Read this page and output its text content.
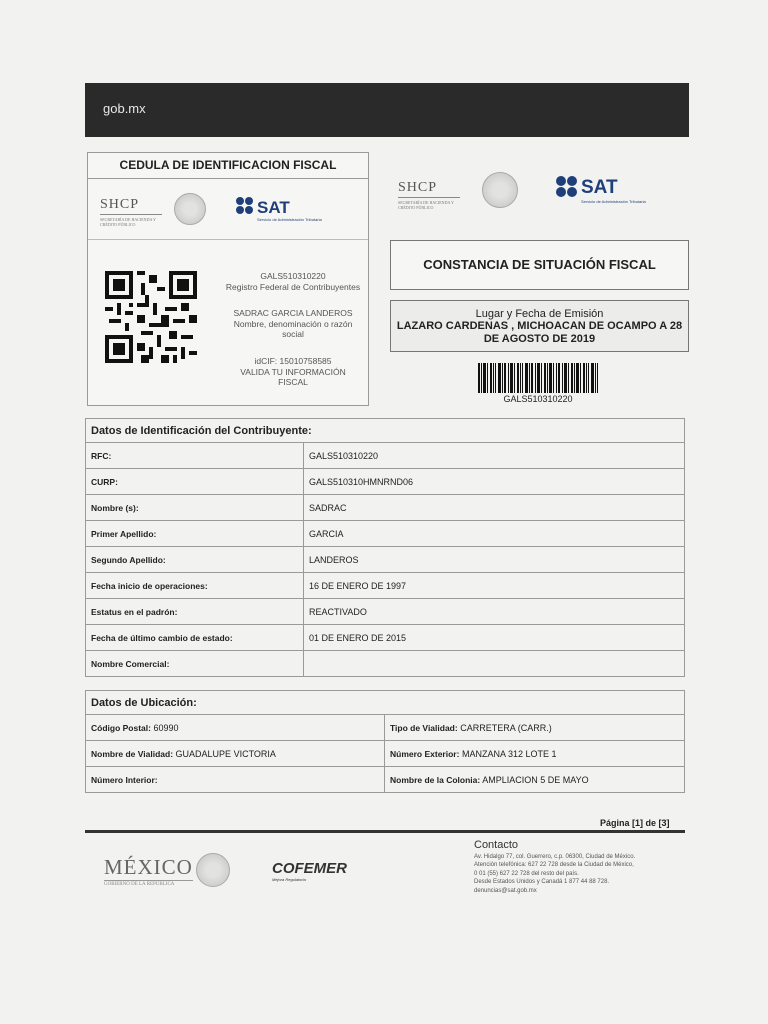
gob.mx
CEDULA DE IDENTIFICACION FISCAL
SHCP
SECRETARÍA DE HACIENDA Y CRÉDITO PÚBLICO
SAT
Servicio de Administración Tributaria
GALS510310220
Registro Federal de Contribuyentes
SADRAC GARCIA LANDEROS
Nombre, denominación o razón social
idCIF: 15010758585
VALIDA TU INFORMACIÓN FISCAL
SHCP
SECRETARÍA DE HACIENDA Y CRÉDITO PÚBLICO
SAT
Servicio de Administración Tributaria
CONSTANCIA DE SITUACIÓN FISCAL
Lugar y Fecha de Emisión
LAZARO CARDENAS , MICHOACAN DE OCAMPO A 28 DE AGOSTO DE 2019
GALS510310220
Datos de Identificación del Contribuyente:	
RFC:	GALS510310220
CURP:	GALS510310HMNRND06
Nombre (s):	SADRAC
Primer Apellido:	GARCIA
Segundo Apellido:	LANDEROS
Fecha inicio de operaciones:	16 DE ENERO DE 1997
Estatus en el padrón:	REACTIVADO
Fecha de último cambio de estado:	01 DE ENERO DE 2015
Nombre Comercial:	
Datos de Ubicación:	
Código Postal: 60990	Tipo de Vialidad: CARRETERA (CARR.)
Nombre de Vialidad: GUADALUPE VICTORIA	Número Exterior: MANZANA 312 LOTE 1
Número Interior:	Nombre de la Colonia: AMPLIACION 5 DE MAYO
Página [1] de [3]
MÉXICO
GOBIERNO DE LA REPÚBLICA
COFEMER
Mejora Regulatoria
Contacto
Av. Hidalgo 77, col. Guerrero, c.p. 06300, Ciudad de México.
Atención telefónica: 627 22 728 desde la Ciudad de México,
0 01 (55) 627 22 728 del resto del país.
Desde Estados Unidos y Canadá 1 877 44 88 728.
denuncias@sat.gob.mx
